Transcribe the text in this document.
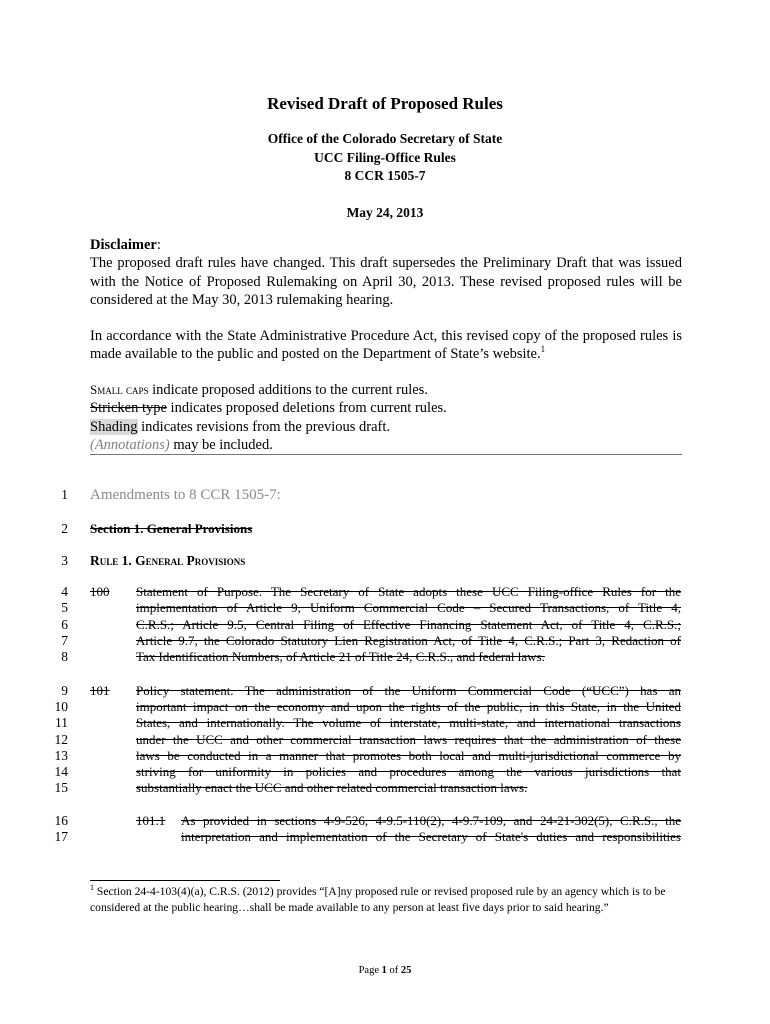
Revised Draft of Proposed Rules
Office of the Colorado Secretary of State
UCC Filing-Office Rules
8 CCR 1505-7
May 24, 2013
Disclaimer:
The proposed draft rules have changed. This draft supersedes the Preliminary Draft that was issued with the Notice of Proposed Rulemaking on April 30, 2013. These revised proposed rules will be considered at the May 30, 2013 rulemaking hearing.
In accordance with the State Administrative Procedure Act, this revised copy of the proposed rules is made available to the public and posted on the Department of State’s website.$^1$
Small caps indicate proposed additions to the current rules.
Stricken type indicates proposed deletions from current rules.
Shading indicates revisions from the previous draft.
(Annotations) may be included.
1
2
3
4
5
6
7
8
9
10
11
12
13
14
15
16
17
Amendments to 8 CCR 1505-7:
Section 1. General Provisions
Rule 1. General Provisions
100 Statement of Purpose. The Secretary of State adopts these UCC Filing-office Rules for the
implementation of Article 9, Uniform Commercial Code – Secured Transactions, of Title 4,
C.R.S.; Article 9.5, Central Filing of Effective Financing Statement Act, of Title 4, C.R.S.;
Article 9.7, the Colorado Statutory Lien Registration Act, of Title 4, C.R.S.; Part 3, Redaction of
Tax Identification Numbers, of Article 21 of Title 24, C.R.S., and federal laws.
101 Policy statement. The administration of the Uniform Commercial Code (“UCC”) has an
important impact on the economy and upon the rights of the public, in this State, in the United
States, and internationally. The volume of interstate, multi-state, and international transactions
under the UCC and other commercial transaction laws requires that the administration of these
laws be conducted in a manner that promotes both local and multi-jurisdictional commerce by
striving for uniformity in policies and procedures among the various jurisdictions that
substantially enact the UCC and other related commercial transaction laws.
101.1 As provided in sections 4-9-526, 4-9.5-110(2), 4-9.7-109, and 24-21-302(5), C.R.S., the
interpretation and implementation of the Secretary of State's duties and responsibilities
$^1$ Section 24-4-103(4)(a), C.R.S. (2012) provides “[A]ny proposed rule or revised proposed rule by an agency which is to be considered at the public hearing…shall be made available to any person at least five days prior to said hearing.”
Page 1 of 25
